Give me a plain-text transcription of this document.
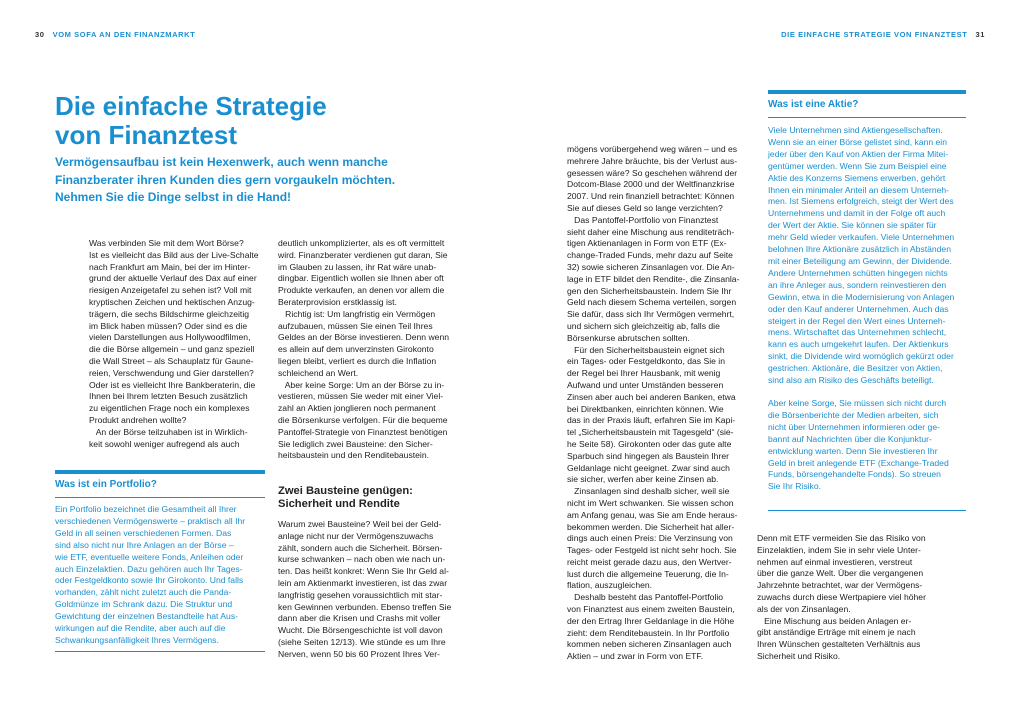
30 VOM SOFA AN DEN FINANZMARKT	DIE EINFACHE STRATEGIE VON FINANZTEST 31
Die einfache Strategie
von Finanztest
Vermögensaufbau ist kein Hexenwerk, auch wenn manche
Finanzberater ihren Kunden dies gern vorgaukeln möchten.
Nehmen Sie die Dinge selbst in die Hand!
Was verbinden Sie mit dem Wort Börse?
Ist es vielleicht das Bild aus der Live-Schalte
nach Frankfurt am Main, bei der im Hinter-
grund der aktuelle Verlauf des Dax auf einer
riesigen Anzeigetafel zu sehen ist? Voll mit
kryptischen Zeichen und hektischen Anzug-
trägern, die sechs Bildschirme gleichzeitig
im Blick haben müssen? Oder sind es die
vielen Darstellungen aus Hollywoodfilmen,
die die Börse allgemein – und ganz speziell
die Wall Street – als Schauplatz für Gaune-
reien, Verschwendung und Gier darstellen?
Oder ist es vielleicht Ihre Bankberaterin, die
Ihnen bei Ihrem letzten Besuch zusätzlich
zu eigentlichen Frage noch ein komplexes
Produkt andrehen wollte?
An der Börse teilzuhaben ist in Wirklich-
keit sowohl weniger aufregend als auch
deutlich unkomplizierter, als es oft vermittelt
wird. Finanzberater verdienen gut daran, Sie
im Glauben zu lassen, ihr Rat wäre unab-
dingbar. Eigentlich wollen sie Ihnen aber oft
Produkte verkaufen, an denen vor allem die
Beraterprovision erstklassig ist.
Richtig ist: Um langfristig ein Vermögen
aufzubauen, müssen Sie einen Teil Ihres
Geldes an der Börse investieren. Denn wenn
es allein auf dem unverzinsten Girokonto
liegen bleibt, verliert es durch die Inflation
schleichend an Wert.
Aber keine Sorge: Um an der Börse zu in-
vestieren, müssen Sie weder mit einer Viel-
zahl an Aktien jonglieren noch permanent
die Börsenkurse verfolgen. Für die bequeme
Pantoffel-Strategie von Finanztest benötigen
Sie lediglich zwei Bausteine: den Sicher-
heitsbaustein und den Renditebaustein.
Zwei Bausteine genügen:
Sicherheit und Rendite
Warum zwei Bausteine? Weil bei der Geld-
anlage nicht nur der Vermögenszuwachs
zählt, sondern auch die Sicherheit. Börsen-
kurse schwanken – nach oben wie nach un-
ten. Das heißt konkret: Wenn Sie Ihr Geld al-
lein am Aktienmarkt investieren, ist das zwar
langfristig gesehen voraussichtlich mit star-
ken Gewinnen verbunden. Ebenso treffen Sie
dann aber die Krisen und Crashs mit voller
Wucht. Die Börsengeschichte ist voll davon
(siehe Seiten 12/13). Wie stünde es um Ihre
Nerven, wenn 50 bis 60 Prozent Ihres Ver-
mögens vorübergehend weg wären – und es
mehrere Jahre bräuchte, bis der Verlust aus-
gesessen wäre? So geschehen während der
Dotcom-Blase 2000 und der Weltfinanzkrise
2007. Und rein finanziell betrachtet: Können
Sie auf dieses Geld so lange verzichten?
Das Pantoffel-Portfolio von Finanztest
sieht daher eine Mischung aus renditeträch-
tigen Aktienanlagen in Form von ETF (Ex-
change-Traded Funds, mehr dazu auf Seite
32) sowie sicheren Zinsanlagen vor. Die An-
lage in ETF bildet den Rendite-, die Zinsanla-
gen den Sicherheitsbaustein. Indem Sie Ihr
Geld nach diesem Schema verteilen, sorgen
Sie dafür, dass sich Ihr Vermögen vermehrt,
und sichern sich gleichzeitig ab, falls die
Börsenkurse abrutschen sollten.
Für den Sicherheitsbaustein eignet sich
ein Tages- oder Festgeldkonto, das Sie in
der Regel bei Ihrer Hausbank, mit wenig
Aufwand und unter Umständen besseren
Zinsen aber auch bei anderen Banken, etwa
bei Direktbanken, einrichten können. Wie
das in der Praxis läuft, erfahren Sie im Kapi-
tel „Sicherheitsbaustein mit Tagesgeld“ (sie-
he Seite 58). Girokonten oder das gute alte
Sparbuch sind hingegen als Baustein Ihrer
Geldanlage nicht geeignet. Zwar sind auch
sie sicher, werfen aber keine Zinsen ab.
Zinsanlagen sind deshalb sicher, weil sie
nicht im Wert schwanken. Sie wissen schon
am Anfang genau, was Sie am Ende heraus-
bekommen werden. Die Sicherheit hat aller-
dings auch einen Preis: Die Verzinsung von
Tages- oder Festgeld ist nicht sehr hoch. Sie
reicht meist gerade dazu aus, den Wertver-
lust durch die allgemeine Teuerung, die In-
flation, auszugleichen.
Deshalb besteht das Pantoffel-Portfolio
von Finanztest aus einem zweiten Baustein,
der den Ertrag Ihrer Geldanlage in die Höhe
zieht: dem Renditebaustein. In Ihr Portfolio
kommen neben sicheren Zinsanlagen auch
Aktien – und zwar in Form von ETF.
Was ist ein Portfolio?
Ein Portfolio bezeichnet die Gesamtheit all Ihrer
verschiedenen Vermögenswerte – praktisch all Ihr
Geld in all seinen verschiedenen Formen. Das
sind also nicht nur Ihre Anlagen an der Börse –
wie ETF, eventuelle weitere Fonds, Anleihen oder
auch Einzelaktien. Dazu gehören auch Ihr Tages-
oder Festgeldkonto sowie Ihr Girokonto. Und falls
vorhanden, zählt nicht zuletzt auch die Panda-
Goldmünze im Schrank dazu. Die Struktur und
Gewichtung der einzelnen Bestandteile hat Aus-
wirkungen auf die Rendite, aber auch auf die
Schwankungsanfälligkeit Ihres Vermögens.
Was ist eine Aktie?
Viele Unternehmen sind Aktiengesellschaften.
Wenn sie an einer Börse gelistet sind, kann ein
jeder über den Kauf von Aktien der Firma Mitei-
gentümer werden. Wenn Sie zum Beispiel eine
Aktie des Konzerns Siemens erwerben, gehört
Ihnen ein minimaler Anteil an diesem Unterneh-
men. Ist Siemens erfolgreich, steigt der Wert des
Unternehmens und damit in der Folge oft auch
der Wert der Aktie. Sie können sie später für
mehr Geld wieder verkaufen. Viele Unternehmen
belohnen Ihre Aktionäre zusätzlich in Abständen
mit einer Beteiligung am Gewinn, der Dividende.
Andere Unternehmen schütten hingegen nichts
an ihre Anleger aus, sondern reinvestieren den
Gewinn, etwa in die Modernisierung von Anlagen
oder den Kauf anderer Unternehmen. Auch das
steigert in der Regel den Wert eines Unterneh-
mens. Wirtschaftet das Unternehmen schlecht,
kann es auch umgekehrt laufen. Der Aktienkurs
sinkt, die Dividende wird womöglich gekürzt oder
gestrichen. Aktionäre, die Besitzer von Aktien,
sind also am Risiko des Geschäfts beteiligt.
Aber keine Sorge, Sie müssen sich nicht durch
die Börsenberichte der Medien arbeiten, sich
nicht über Unternehmen informieren oder ge-
bannt auf Nachrichten über die Konjunktur-
entwicklung warten. Denn Sie investieren Ihr
Geld in breit anlegende ETF (Exchange-Traded
Funds, börsengehandelte Fonds). So streuen
Sie Ihr Risiko.
Denn mit ETF vermeiden Sie das Risiko von
Einzelaktien, indem Sie in sehr viele Unter-
nehmen auf einmal investieren, verstreut
über die ganze Welt. Über die vergangenen
Jahrzehnte betrachtet, war der Vermögens-
zuwachs durch diese Wertpapiere viel höher
als der von Zinsanlagen.
Eine Mischung aus beiden Anlagen er-
gibt anständige Erträge mit einem je nach
Ihren Wünschen gestalteten Verhältnis aus
Sicherheit und Risiko.
